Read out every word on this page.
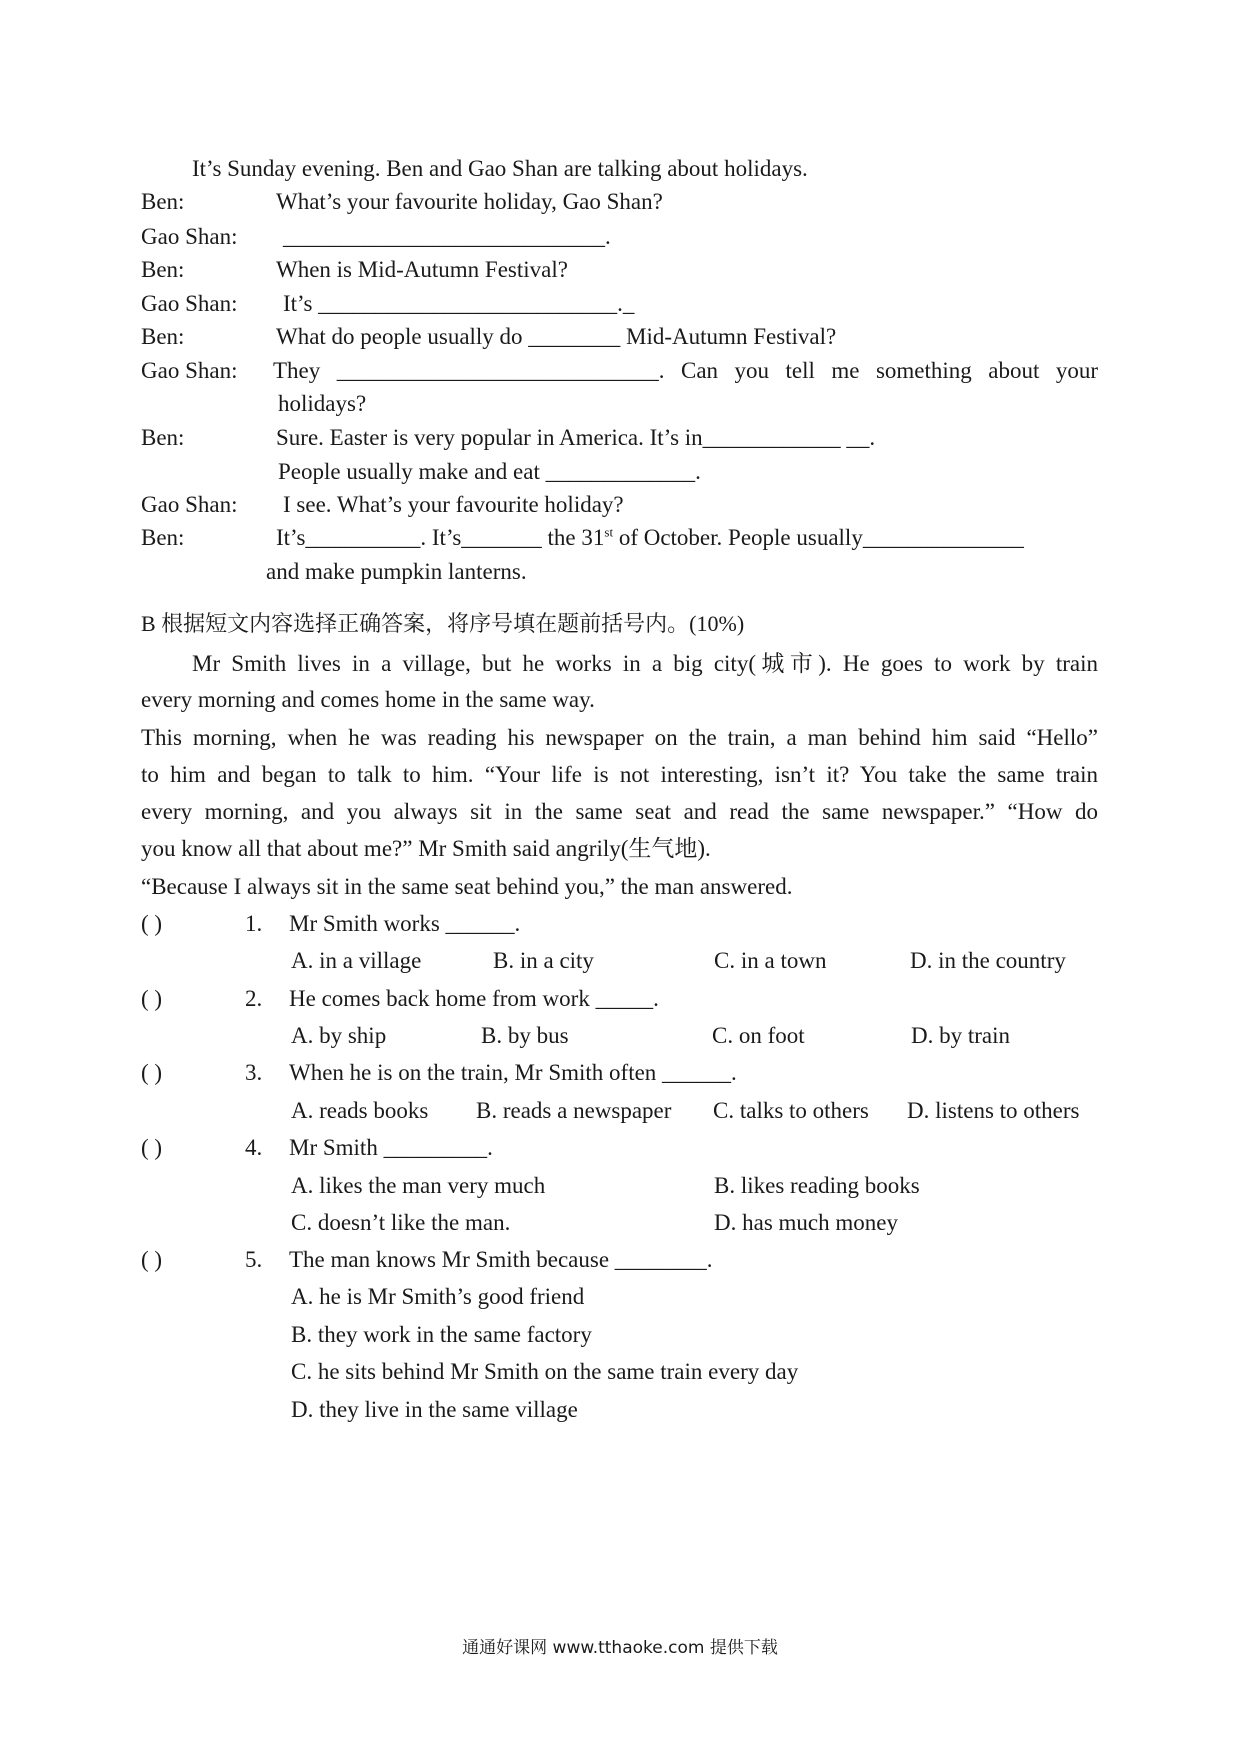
It’s Sunday evening. Ben and Gao Shan are talking about holidays.
Ben:	What’s your favourite holiday, Gao Shan?
Gao Shan: ____________________________.
Ben:	When is Mid-Autumn Festival?
Gao Shan: It’s __________________________._
Ben:	What do people usually do ________ Mid-Autumn Festival?
Gao Shan: They ____________________________. Can you tell me something about your
holidays?
Ben:	Sure. Easter is very popular in America. It’s in____________ __.
People usually make and eat _____________.
Gao Shan: I see. What’s your favourite holiday?
Ben:	It’s__________. It’s_______ the 31st of October. People usually______________
and make pumpkin lanterns.
B 根据短文内容选择正确答案，将序号填在题前括号内。(10%)
Mr Smith lives in a village, but he works in a big city(城市). He goes to work by train
every morning and comes home in the same way.
This morning, when he was reading his newspaper on the train, a man behind him said “Hello”
to him and began to talk to him. “Your life is not interesting, isn’t it? You take the same train
every morning, and you always sit in the same seat and read the same newspaper.” “How do
you know all that about me?” Mr Smith said angrily(生气地).
“Because I always sit in the same seat behind you,” the man answered.
( )	1. Mr Smith works ______.
A. in a village	B. in a city	C. in a town	D. in the country
( )	2. He comes back home from work _____.
A. by ship	B. by bus	C. on foot	D. by train
( )	3. When he is on the train, Mr Smith often ______.
A. reads books B. reads a newspaper C. talks to others D. listens to others
( )	4. Mr Smith _________.
A. likes the man very much	B. likes reading books
C. doesn’t like the man.	D. has much money
( )	5. The man knows Mr Smith because ________.
A. he is Mr Smith’s good friend
B. they work in the same factory
C. he sits behind Mr Smith on the same train every day
D. they live in the same village
通通好课网 www.tthaoke.com 提供下载
